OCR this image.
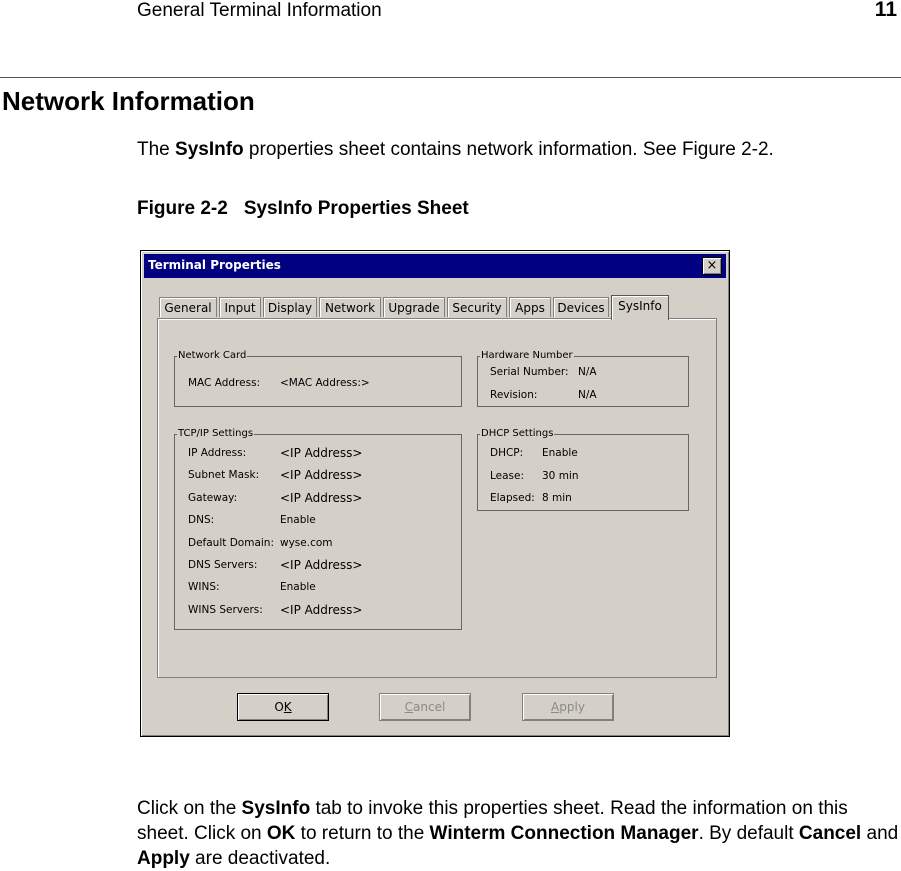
General Terminal Information	11
Network Information
The SysInfo properties sheet contains network information. See Figure 2-2.
Figure 2-2 SysInfo Properties Sheet
Terminal Properties	×
General	Input	Display	Network	Upgrade	Security	Apps	Devices	SysInfo
Network Card
MAC Address: <MAC Address:>
Hardware Number
Serial Number: N/A
Revision:	N/A
TCP/IP Settings
IP Address:	<IP Address>
Subnet Mask: <IP Address>
Gateway:	<IP Address>
DNS:	Enable
Default Domain: wyse.com
DNS Servers: <IP Address>
WINS:	Enable
WINS Servers: <IP Address>
DHCP Settings
DHCP: Enable
Lease: 30 min
Elapsed: 8 min
OK	Cancel	Apply
Click on the SysInfo tab to invoke this properties sheet. Read the information on this sheet. Click on OK to return to the Winterm Connection Manager. By default Cancel and Apply are deactivated.
